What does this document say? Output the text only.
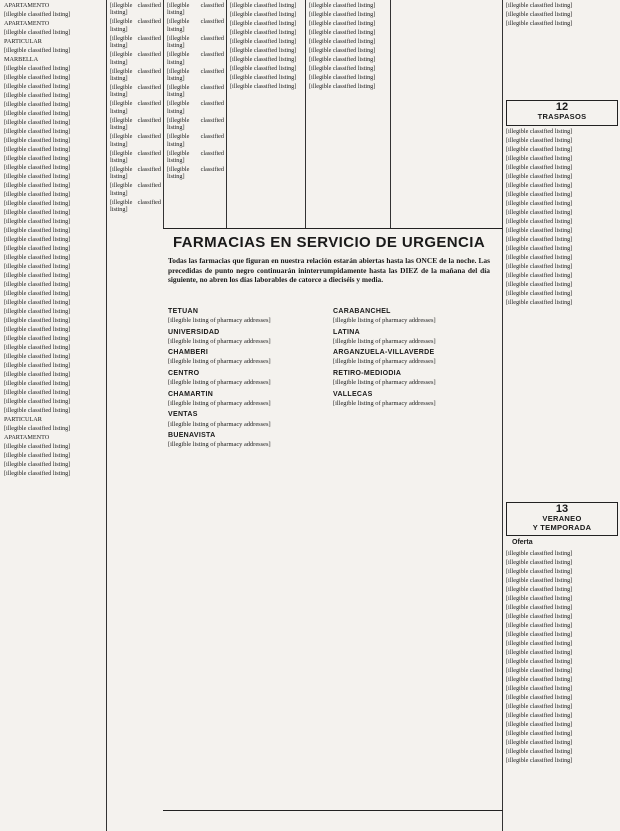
APARTAMENTO
[illegible classified listing]
APARTAMENTO
[illegible classified listing]
PARTICULAR
[illegible classified listing]
MARBELLA
[illegible classified listing]
[illegible classified listing]
[illegible classified listing]
[illegible classified listing]
[illegible classified listing]
[illegible classified listing]
[illegible classified listing]
[illegible classified listing]
[illegible classified listing]
[illegible classified listing]
[illegible classified listing]
[illegible classified listing]
[illegible classified listing]
[illegible classified listing]
[illegible classified listing]
[illegible classified listing]
[illegible classified listing]
[illegible classified listing]
[illegible classified listing]
[illegible classified listing]
[illegible classified listing]
[illegible classified listing]
[illegible classified listing]
[illegible classified listing]
[illegible classified listing]
[illegible classified listing]
[illegible classified listing]
[illegible classified listing]
[illegible classified listing]
[illegible classified listing]
[illegible classified listing]
[illegible classified listing]
[illegible classified listing]
[illegible classified listing]
[illegible classified listing]
[illegible classified listing]
[illegible classified listing]
[illegible classified listing]
[illegible classified listing]
PARTICULAR
[illegible classified listing]
APARTAMENTO
[illegible classified listing]
[illegible classified listing]
[illegible classified listing]
[illegible classified listing]
[illegible classified listing]
[illegible classified listing]
[illegible classified listing]
[illegible classified listing]
[illegible classified listing]
[illegible classified listing]
[illegible classified listing]
[illegible classified listing]
[illegible classified listing]
[illegible classified listing]
[illegible classified listing]
[illegible classified listing]
[illegible classified listing]
[illegible classified listing]
[illegible classified listing]
[illegible classified listing]
[illegible classified listing]
[illegible classified listing]
[illegible classified listing]
[illegible classified listing]
[illegible classified listing]
[illegible classified listing]
[illegible classified listing]
[illegible classified listing]
[illegible classified listing]
[illegible classified listing]
[illegible classified listing]
[illegible classified listing]
[illegible classified listing]
[illegible classified listing]
[illegible classified listing]
[illegible classified listing]
[illegible classified listing]
[illegible classified listing]
[illegible classified listing]
[illegible classified listing]
[illegible classified listing]
[illegible classified listing]
[illegible classified listing]
[illegible classified listing]
[illegible classified listing]
[illegible classified listing]
[illegible classified listing]
[illegible classified listing]
[illegible classified listing]
[illegible classified listing]
[illegible classified listing]
12
TRASPASOS
[illegible classified listing]
[illegible classified listing]
[illegible classified listing]
[illegible classified listing]
[illegible classified listing]
[illegible classified listing]
[illegible classified listing]
[illegible classified listing]
[illegible classified listing]
[illegible classified listing]
[illegible classified listing]
[illegible classified listing]
[illegible classified listing]
[illegible classified listing]
[illegible classified listing]
[illegible classified listing]
[illegible classified listing]
[illegible classified listing]
[illegible classified listing]
[illegible classified listing]
13
VERANEO
Y TEMPORADA
Oferta
[illegible classified listing]
[illegible classified listing]
[illegible classified listing]
[illegible classified listing]
[illegible classified listing]
[illegible classified listing]
[illegible classified listing]
[illegible classified listing]
[illegible classified listing]
[illegible classified listing]
[illegible classified listing]
[illegible classified listing]
[illegible classified listing]
[illegible classified listing]
[illegible classified listing]
[illegible classified listing]
[illegible classified listing]
[illegible classified listing]
[illegible classified listing]
[illegible classified listing]
[illegible classified listing]
[illegible classified listing]
[illegible classified listing]
[illegible classified listing]
FARMACIAS EN SERVICIO DE URGENCIA
Todas las farmacias que figuran en nuestra relación estarán abiertas hasta las ONCE de la noche. Las precedidas de punto negro continuarán ininterrumpidamente hasta las DIEZ de la mañana del día siguiente, no abren los días laborables de catorce a dieciséis y media.
TETUAN
[illegible listing of pharmacy addresses]
UNIVERSIDAD
[illegible listing of pharmacy addresses]
CHAMBERI
[illegible listing of pharmacy addresses]
CENTRO
[illegible listing of pharmacy addresses]
CHAMARTIN
[illegible listing of pharmacy addresses]
VENTAS
[illegible listing of pharmacy addresses]
BUENAVISTA
[illegible listing of pharmacy addresses]
CARABANCHEL
[illegible listing of pharmacy addresses]
LATINA
[illegible listing of pharmacy addresses]
ARGANZUELA-VILLAVERDE
[illegible listing of pharmacy addresses]
RETIRO-MEDIODIA
[illegible listing of pharmacy addresses]
VALLECAS
[illegible listing of pharmacy addresses]
